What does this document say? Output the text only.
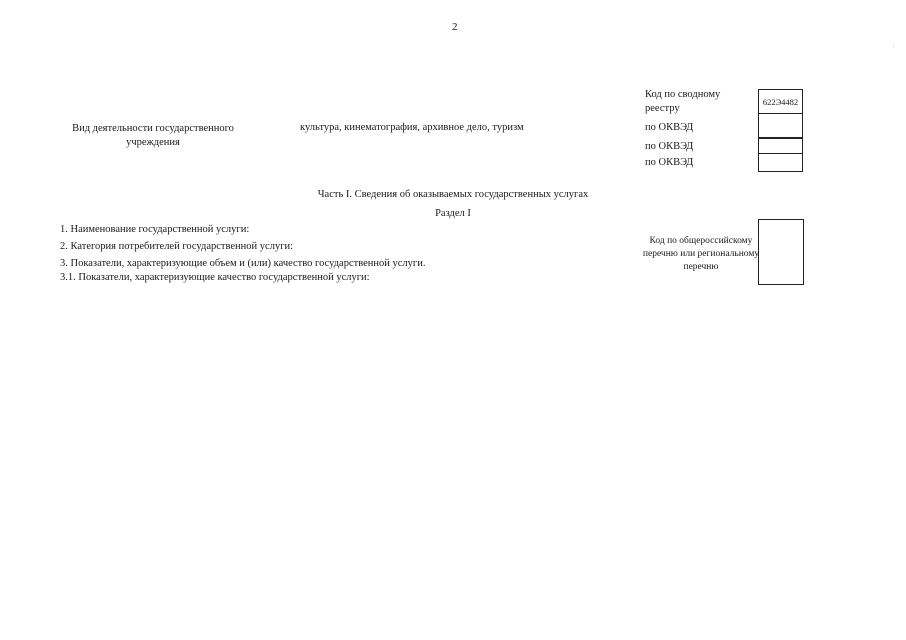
2
Вид деятельности государственного учреждения
культура, кинематография, архивное дело, туризм
Код по сводному реестру
622Э4482
по ОКВЭД
по ОКВЭД
по ОКВЭД
Часть I. Сведения об оказываемых государственных услугах
Раздел I
1. Наименование государственной услуги:
2. Категория потребителей государственной услуги:
3. Показатели, характеризующие объем и (или) качество государственной услуги.
3.1. Показатели, характеризующие качество государственной услуги:
Код по общероссийскому перечню или региональному перечню
